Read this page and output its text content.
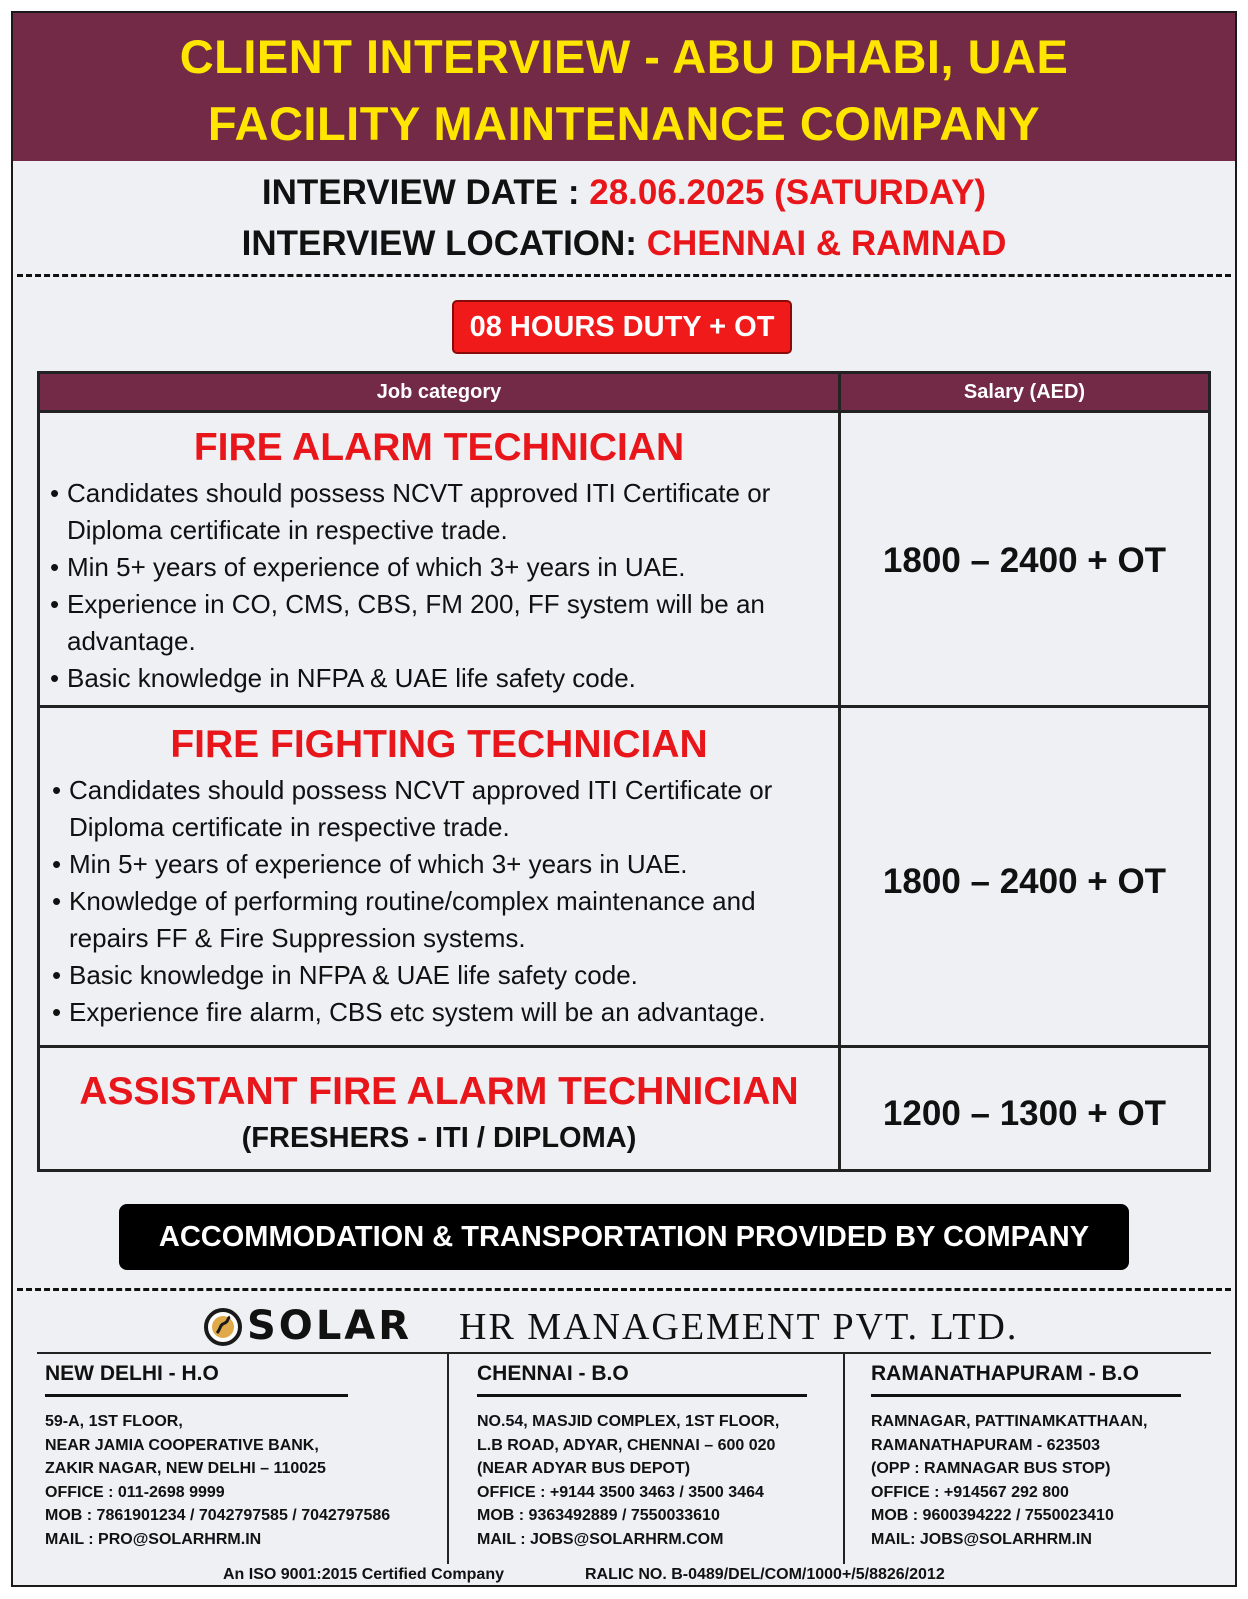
CLIENT INTERVIEW - ABU DHABI, UAE
FACILITY MAINTENANCE COMPANY
INTERVIEW DATE : 28.06.2025 (SATURDAY)
INTERVIEW LOCATION: CHENNAI & RAMNAD
08 HOURS DUTY + OT
Job category	Salary (AED)
FIRE ALARM TECHNICIAN
• Candidates should possess NCVT approved ITI Certificate or Diploma certificate in respective trade.
• Min 5+ years of experience of which 3+ years in UAE.
• Experience in CO, CMS, CBS, FM 200, FF system will be an advantage.
• Basic knowledge in NFPA & UAE life safety code.
1800 – 2400 + OT
FIRE FIGHTING TECHNICIAN
• Candidates should possess NCVT approved ITI Certificate or Diploma certificate in respective trade.
• Min 5+ years of experience of which 3+ years in UAE.
• Knowledge of performing routine/complex maintenance and repairs FF & Fire Suppression systems.
• Basic knowledge in NFPA & UAE life safety code.
• Experience fire alarm, CBS etc system will be an advantage.
1800 – 2400 + OT
ASSISTANT FIRE ALARM TECHNICIAN
(FRESHERS - ITI / DIPLOMA)
1200 – 1300 + OT
ACCOMMODATION & TRANSPORTATION PROVIDED BY COMPANY
SOLAR HR MANAGEMENT PVT. LTD.
NEW DELHI - H.O
59-A, 1ST FLOOR,
NEAR JAMIA COOPERATIVE BANK,
ZAKIR NAGAR, NEW DELHI – 110025
OFFICE : 011-2698 9999
MOB : 7861901234 / 7042797585 / 7042797586
MAIL : PRO@SOLARHRM.IN
CHENNAI - B.O
NO.54, MASJID COMPLEX, 1ST FLOOR,
L.B ROAD, ADYAR, CHENNAI – 600 020
(NEAR ADYAR BUS DEPOT)
OFFICE : +9144 3500 3463 / 3500 3464
MOB : 9363492889 / 7550033610
MAIL : JOBS@SOLARHRM.COM
RAMANATHAPURAM - B.O
RAMNAGAR, PATTINAMKATTHAAN,
RAMANATHAPURAM - 623503
(OPP : RAMNAGAR BUS STOP)
OFFICE : +914567 292 800
MOB : 9600394222 / 7550023410
MAIL: JOBS@SOLARHRM.IN
An ISO 9001:2015 Certified Company	RALIC NO. B-0489/DEL/COM/1000+/5/8826/2012
